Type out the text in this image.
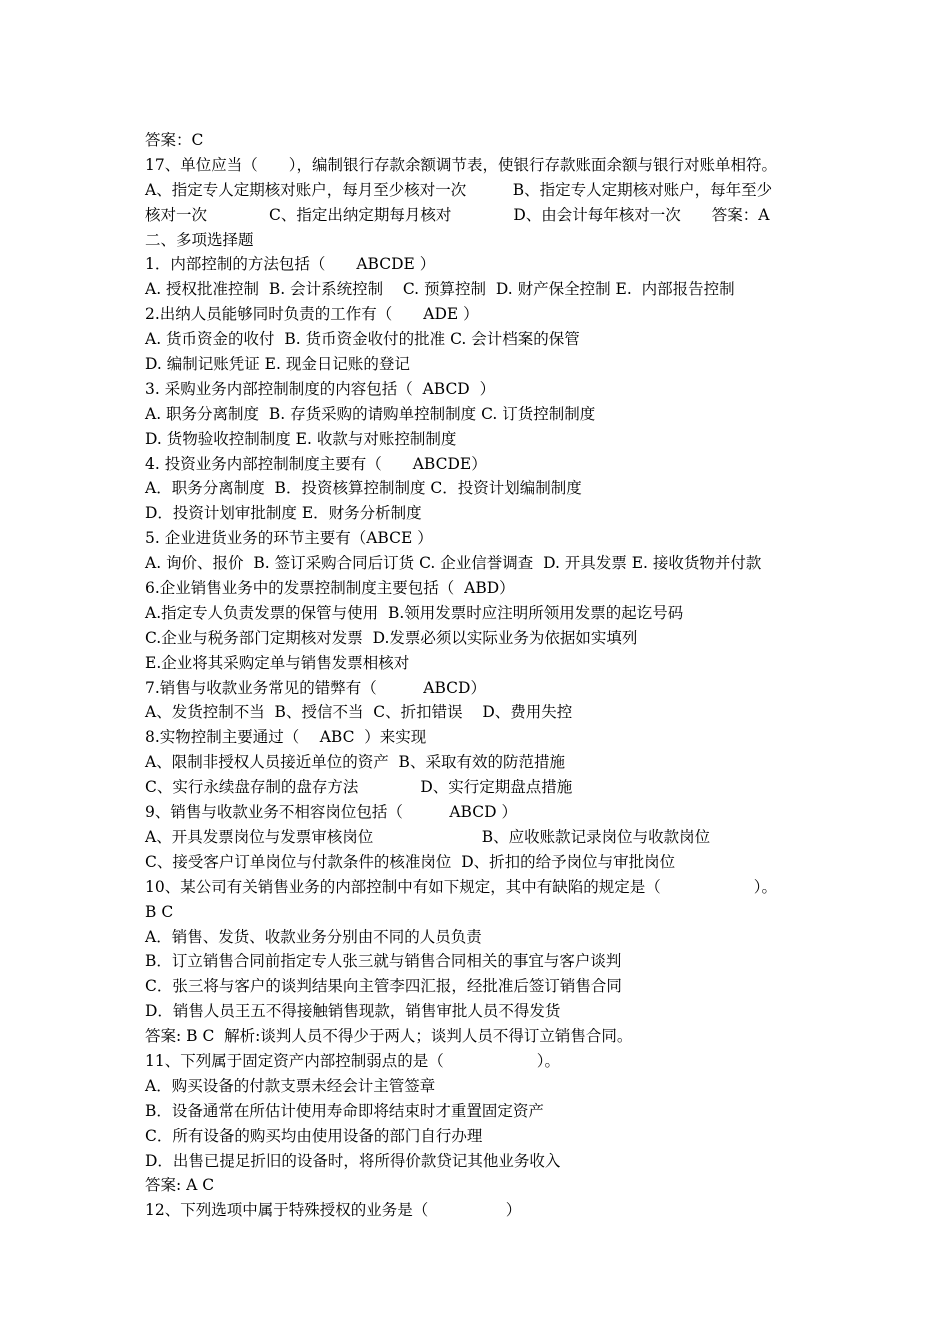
答案：C
17、单位应当（　　），编制银行存款余额调节表，使银行存款账面余额与银行对账单相符。
A、指定专人定期核对账户，每月至少核对一次　　　B、指定专人定期核对账户，每年至少
核对一次　　　　C、指定出纳定期每月核对　　　　D、由会计每年核对一次　　答案：A
二、多项选择题
1．内部控制的方法包括（　　ABCDE ）
A. 授权批准控制  B. 会计系统控制    C. 预算控制  D. 财产保全控制 E.  内部报告控制
2.出纳人员能够同时负责的工作有（　　ADE ）
A. 货币资金的收付  B. 货币资金收付的批准 C. 会计档案的保管
D. 编制记账凭证 E. 现金日记账的登记
3. 采购业务内部控制制度的内容包括（  ABCD  ）
A. 职务分离制度  B. 存货采购的请购单控制制度 C. 订货控制制度
D. 货物验收控制制度 E. 收款与对账控制制度
4. 投资业务内部控制制度主要有（　　ABCDE）
A．职务分离制度  B．投资核算控制制度 C．投资计划编制制度
D．投资计划审批制度 E．财务分析制度
5. 企业进货业务的环节主要有（ABCE ）
A. 询价、报价  B. 签订采购合同后订货 C. 企业信誉调查  D. 开具发票 E. 接收货物并付款
6.企业销售业务中的发票控制制度主要包括（  ABD）
A.指定专人负责发票的保管与使用  B.领用发票时应注明所领用发票的起讫号码
C.企业与税务部门定期核对发票  D.发票必须以实际业务为依据如实填列
E.企业将其采购定单与销售发票相核对
7.销售与收款业务常见的错弊有（　　　ABCD）
A、发货控制不当  B、授信不当  C、折扣错误    D、费用失控
8.实物控制主要通过（　 ABC  ）来实现
A、限制非授权人员接近单位的资产  B、采取有效的防范措施
C、实行永续盘存制的盘存方法　　　　D、实行定期盘点措施
9、销售与收款业务不相容岗位包括（　　　ABCD ）
A、开具发票岗位与发票审核岗位　　　　　　　B、应收账款记录岗位与收款岗位
C、接受客户订单岗位与付款条件的核准岗位  D、折扣的给予岗位与审批岗位
10、某公司有关销售业务的内部控制中有如下规定，其中有缺陷的规定是（　　　　　　）。
B C
A．销售、发货、收款业务分别由不同的人员负责
B．订立销售合同前指定专人张三就与销售合同相关的事宜与客户谈判
C．张三将与客户的谈判结果向主管李四汇报，经批准后签订销售合同
D．销售人员王五不得接触销售现款，销售审批人员不得发货
答案: B C  解析:谈判人员不得少于两人；谈判人员不得订立销售合同。
11、下列属于固定资产内部控制弱点的是（　　　　　　）。
A．购买设备的付款支票未经会计主管签章
B．设备通常在所估计使用寿命即将结束时才重置固定资产
C．所有设备的购买均由使用设备的部门自行办理
D．出售已提足折旧的设备时，将所得价款贷记其他业务收入
答案: A C
12、下列选项中属于特殊授权的业务是（　　　　　）
